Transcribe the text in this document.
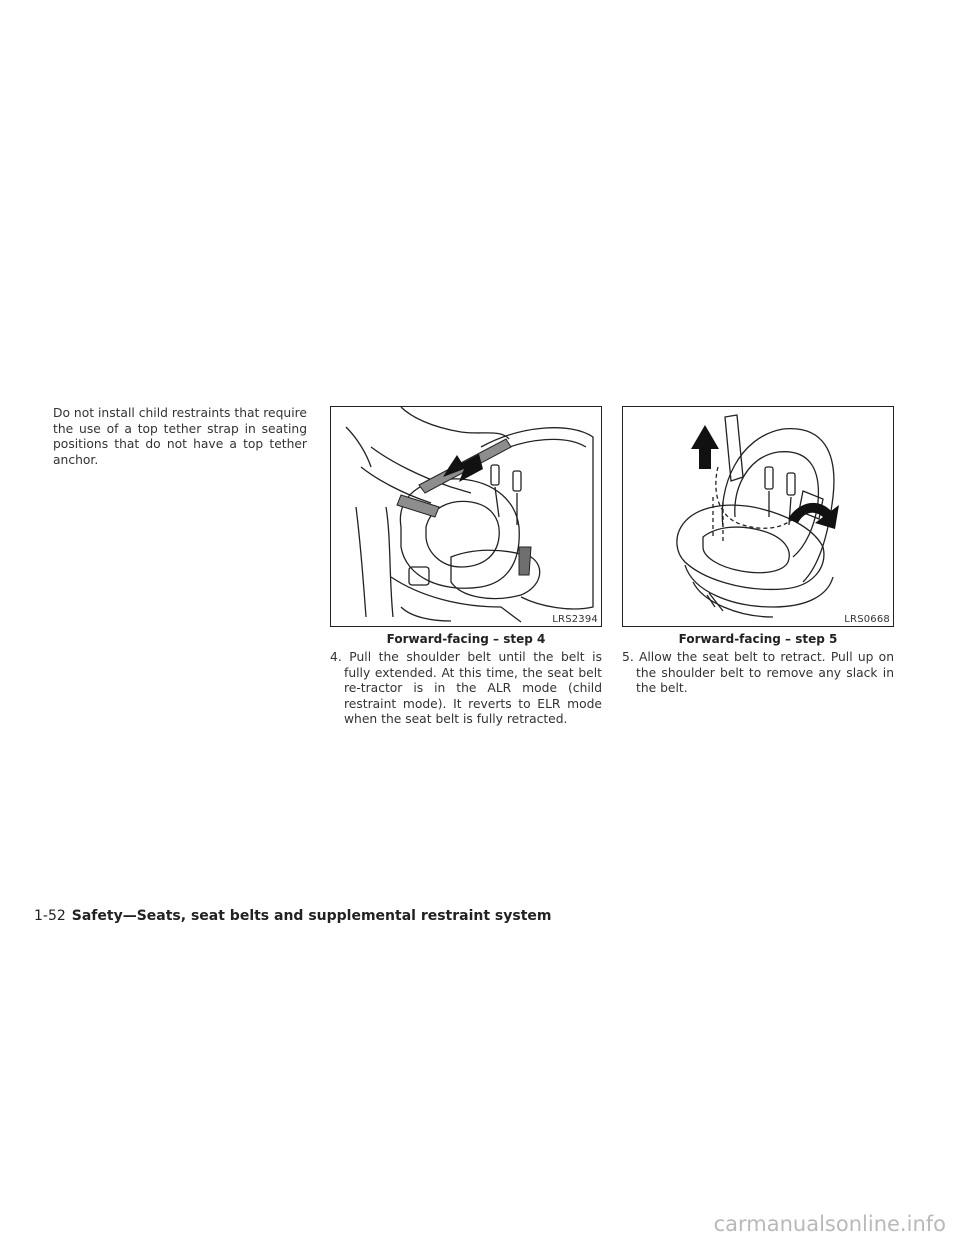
Do not install child restraints that require the use of a top tether strap in seating positions that do not have a top tether anchor.
LRS2394
Forward-facing – step 4
LRS0668
Forward-facing – step 5
4. Pull the shoulder belt until the belt is fully extended. At this time, the seat belt re-tractor is in the ALR mode (child restraint mode). It reverts to ELR mode when the seat belt is fully retracted.
5. Allow the seat belt to retract. Pull up on the shoulder belt to remove any slack in the belt.
1-52 Safety—Seats, seat belts and supplemental restraint system
carmanualsonline.info
